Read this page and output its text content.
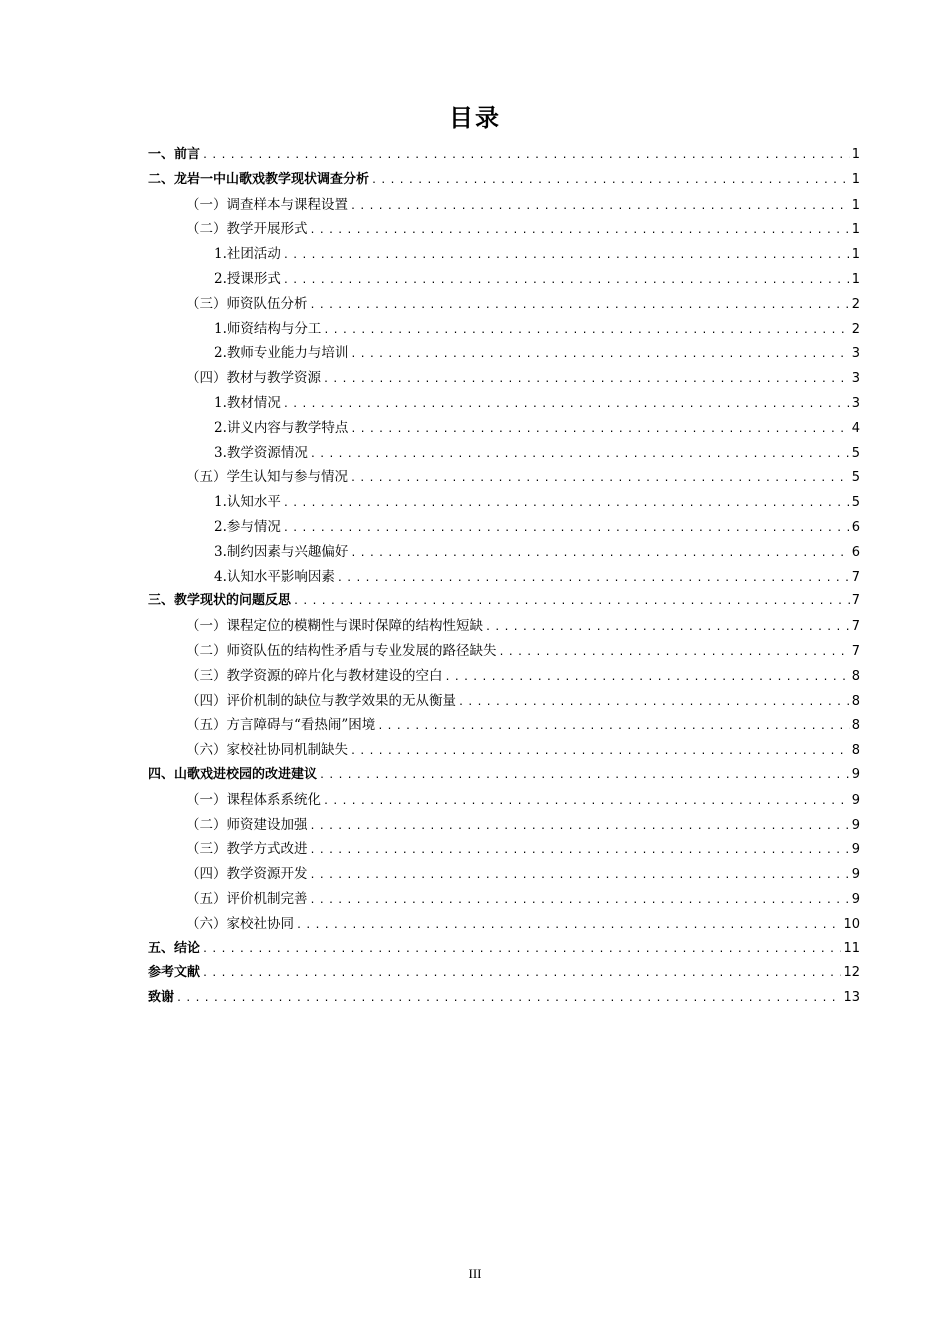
目录
一、前言 .....	1
二、龙岩一中山歌戏教学现状调查分析 .....	1
（一）调查样本与课程设置 .....	1
（二）教学开展形式 .....	1
1.社团活动 .....	1
2.授课形式 .....	1
（三）师资队伍分析 .....	2
1.师资结构与分工 .....	2
2.教师专业能力与培训 .....	3
（四）教材与教学资源 .....	3
1.教材情况 .....	3
2.讲义内容与教学特点 .....	4
3.教学资源情况 .....	5
（五）学生认知与参与情况 .....	5
1.认知水平 .....	5
2.参与情况 .....	6
3.制约因素与兴趣偏好 .....	6
4.认知水平影响因素 .....	7
三、教学现状的问题反思 .....	7
（一）课程定位的模糊性与课时保障的结构性短缺 .....	7
（二）师资队伍的结构性矛盾与专业发展的路径缺失 .....	7
（三）教学资源的碎片化与教材建设的空白 .....	8
（四）评价机制的缺位与教学效果的无从衡量 .....	8
（五）方言障碍与“看热闹”困境 .....	8
（六）家校社协同机制缺失 .....	8
四、山歌戏进校园的改进建议 .....	9
（一）课程体系系统化 .....	9
（二）师资建设加强 .....	9
（三）教学方式改进 .....	9
（四）教学资源开发 .....	9
（五）评价机制完善 .....	9
（六）家校社协同 .....	10
五、结论 .....	11
参考文献 .....	12
致谢 .....	13
III
